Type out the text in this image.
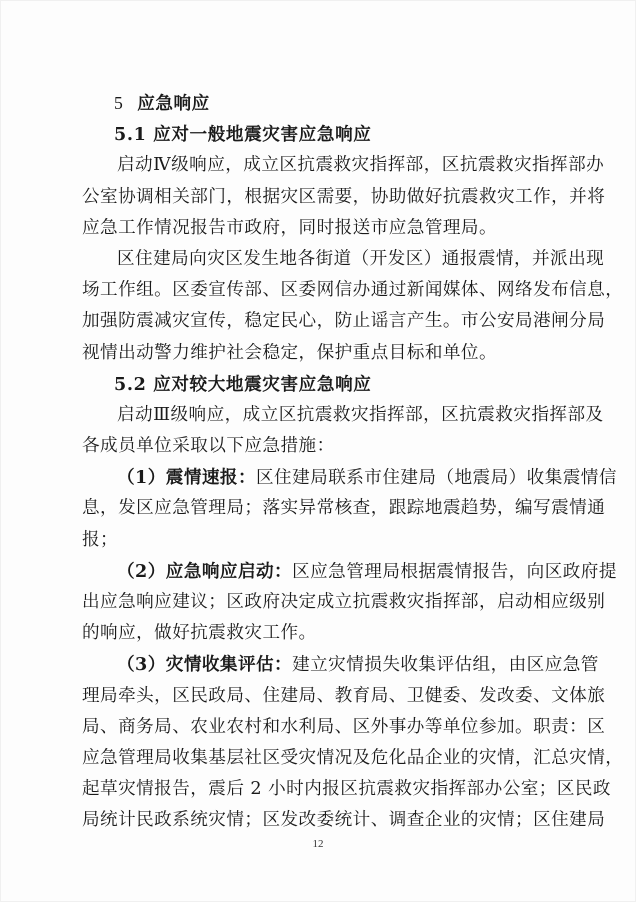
5 应急响应
5.1 应对一般地震灾害应急响应
启动Ⅳ级响应，成立区抗震救灾指挥部，区抗震救灾指挥部办
公室协调相关部门，根据灾区需要，协助做好抗震救灾工作，并将
应急工作情况报告市政府，同时报送市应急管理局。
区住建局向灾区发生地各街道（开发区）通报震情，并派出现
场工作组。区委宣传部、区委网信办通过新闻媒体、网络发布信息，
加强防震减灾宣传，稳定民心，防止谣言产生。市公安局港闸分局
视情出动警力维护社会稳定，保护重点目标和单位。
5.2 应对较大地震灾害应急响应
启动Ⅲ级响应，成立区抗震救灾指挥部，区抗震救灾指挥部及
各成员单位采取以下应急措施：
（1）震情速报：区住建局联系市住建局（地震局）收集震情信
息，发区应急管理局；落实异常核查，跟踪地震趋势，编写震情通
报；
（2）应急响应启动：区应急管理局根据震情报告，向区政府提
出应急响应建议；区政府决定成立抗震救灾指挥部，启动相应级别
的响应，做好抗震救灾工作。
（3）灾情收集评估：建立灾情损失收集评估组，由区应急管
理局牵头，区民政局、住建局、教育局、卫健委、发改委、文体旅
局、商务局、农业农村和水利局、区外事办等单位参加。职责：区
应急管理局收集基层社区受灾情况及危化品企业的灾情，汇总灾情，
起草灾情报告，震后 2 小时内报区抗震救灾指挥部办公室；区民政
局统计民政系统灾情；区发改委统计、调查企业的灾情；区住建局
12
